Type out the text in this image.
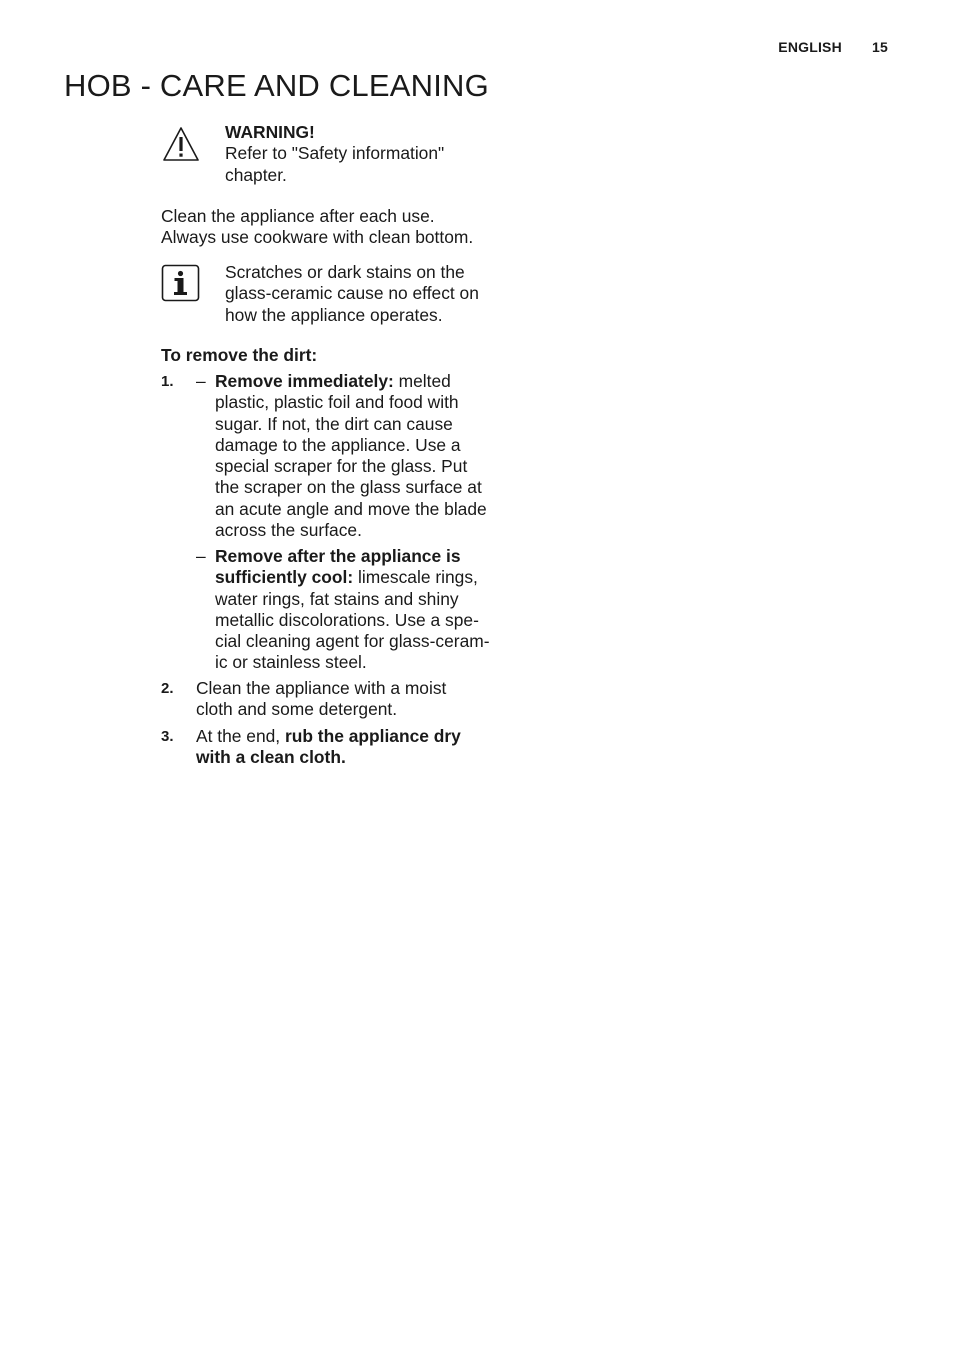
ENGLISH 15
HOB - CARE AND CLEANING
WARNING!
Refer to "Safety information"
chapter.
Clean the appliance after each use.
Always use cookware with clean bottom.
Scratches or dark stains on the
glass-ceramic cause no effect on
how the appliance operates.
To remove the dirt:
1. – Remove immediately: melted
plastic, plastic foil and food with
sugar. If not, the dirt can cause
damage to the appliance. Use a
special scraper for the glass. Put
the scraper on the glass surface at
an acute angle and move the blade
across the surface.
– Remove after the appliance is
sufficiently cool: limescale rings,
water rings, fat stains and shiny
metallic discolorations. Use a spe-
cial cleaning agent for glass-ceram-
ic or stainless steel.
2. Clean the appliance with a moist
cloth and some detergent.
3. At the end, rub the appliance dry
with a clean cloth.
